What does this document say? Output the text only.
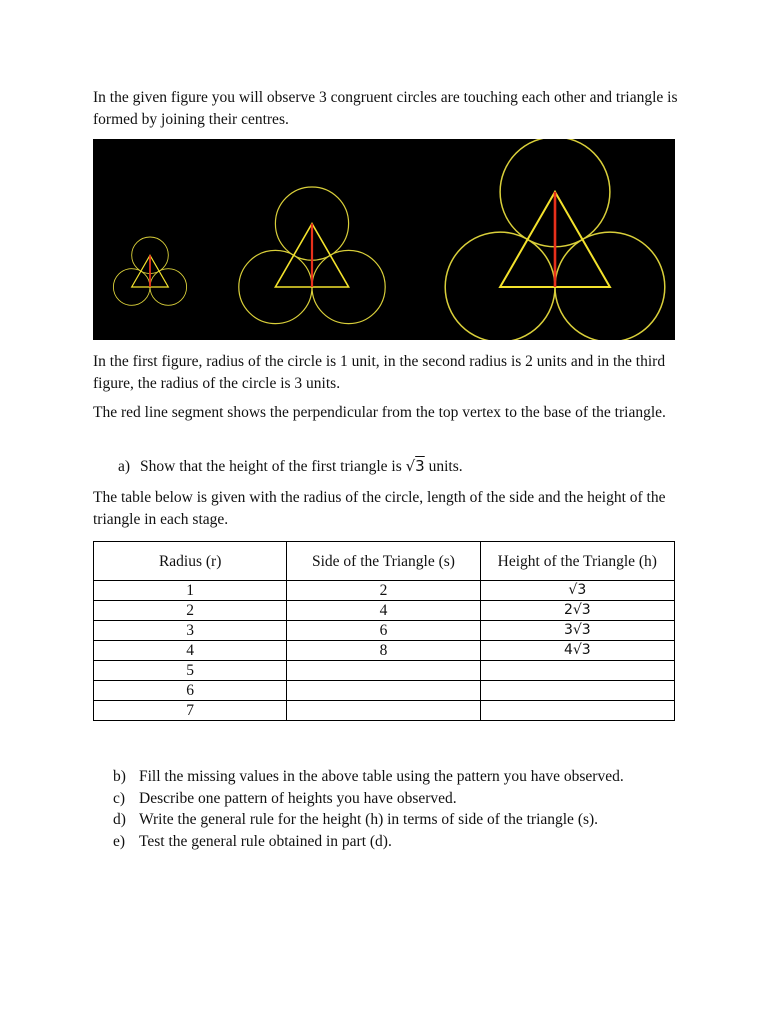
In the given figure you will observe 3 congruent circles are touching each other and triangle is formed by joining their centres.

In the first figure, radius of the circle is 1 unit, in the second radius is 2 units and in the third figure, the radius of the circle is 3 units.

The red line segment shows the perpendicular from the top vertex to the base of the triangle.

a) Show that the height of the first triangle is √3 units.

The table below is given with the radius of the circle, length of the side and the height of the triangle in each stage.

Radius (r)	Side of the Triangle (s)	Height of the Triangle (h)
1	2	√3
2	4	2√3
3	6	3√3
4	8	4√3
5		
6		
7		
b) Fill the missing values in the above table using the pattern you have observed.
c) Describe one pattern of heights you have observed.
d) Write the general rule for the height (h) in terms of side of the triangle (s).
e) Test the general rule obtained in part (d).
